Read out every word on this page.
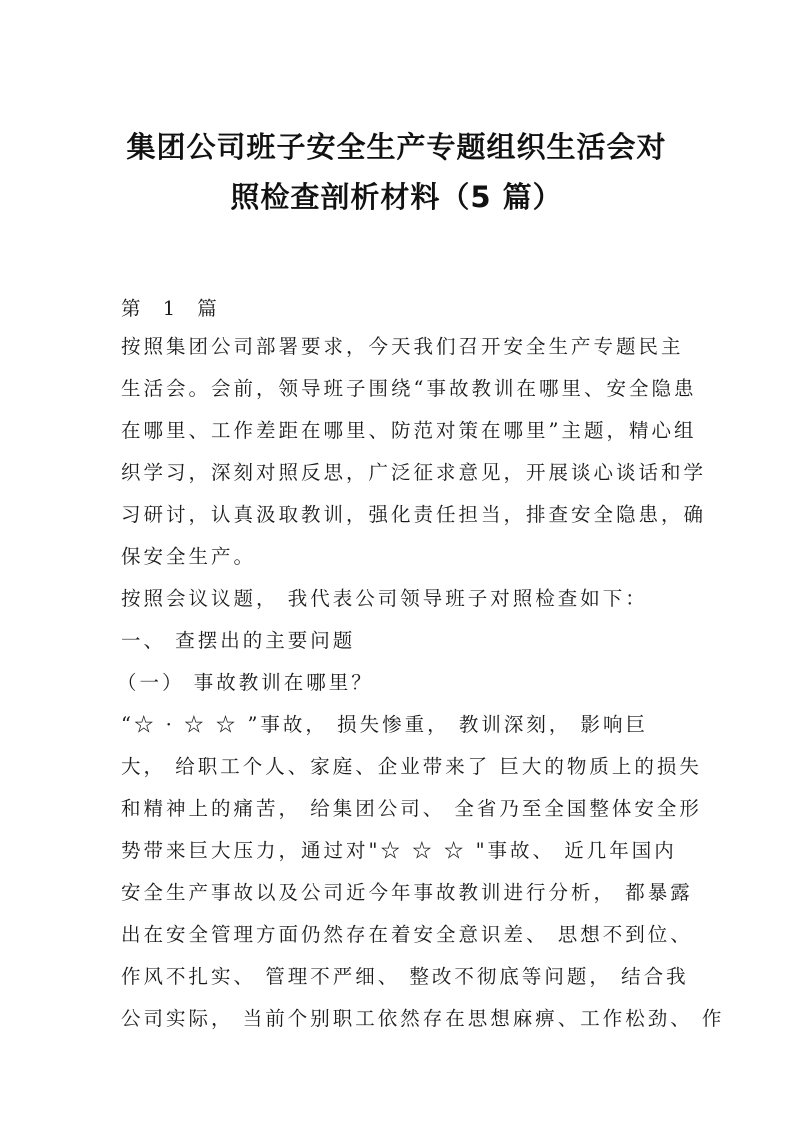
集团公司班子安全生产专题组织生活会对
照检查剖析材料（5 篇）
第 1 篇
按照集团公司部署要求，今天我们召开安全生产专题民主
生活会。会前，领导班子围绕“事故教训在哪里、安全隐患
在哪里、工作差距在哪里、防范对策在哪里”主题，精心组
织学习，深刻对照反思，广泛征求意见，开展谈心谈话和学
习研讨，认真汲取教训，强化责任担当，排查安全隐患，确
保安全生产。
按照会议议题， 我代表公司领导班子对照检查如下：
一、 查摆出的主要问题
（一） 事故教训在哪里？
“☆ · ☆ ☆ ”事故， 损失惨重， 教训深刻， 影响巨
大， 给职工个人、家庭、企业带来了 巨大的物质上的损失
和精神上的痛苦， 给集团公司、 全省乃至全国整体安全形
势带来巨大压力，通过对"☆ ☆ ☆ "事故、 近几年国内
安全生产事故以及公司近今年事故教训进行分析， 都暴露
出在安全管理方面仍然存在着安全意识差、 思想不到位、
作风不扎实、 管理不严细、 整改不彻底等问题， 结合我
公司实际， 当前个别职工依然存在思想麻痹、工作松劲、 作
